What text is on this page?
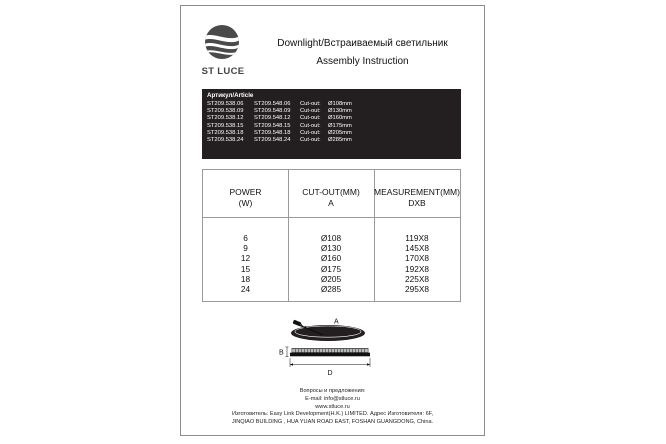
ST LUCE
Downlight/Встраиваемый светильник
Assembly Instruction
Артикул/Article
ST209.538.06 ST209.548.06 Cut-out: Ø108mm
ST209.538.09 ST209.548.09 Cut-out: Ø130mm
ST209.538.12 ST209.548.12 Cut-out: Ø160mm
ST209.538.15 ST209.548.15 Cut-out: Ø175mm
ST209.538.18 ST209.548.18 Cut-out: Ø205mm
ST209.538.24 ST209.548.24 Cut-out: Ø285mm
POWER
(W)
CUT-OUT(MM)
A
MEASUREMENT(MM)
DXB
6
9
12
15
18
24
Ø108
Ø130
Ø160
Ø175
Ø205
Ø285
119X8
145X8
170X8
192X8
225X8
295X8
A
B
D
Вопросы и предложения:
E-mail: info@stluce.ru
www.stluce.ru
Изготовитель: Easy Link Development(H.K.) LIMITED. Адрес Изготовителя: 6F,
JINQIAO BUILDING , HUA YUAN ROAD EAST, FOSHAN GUANGDONG, China.
